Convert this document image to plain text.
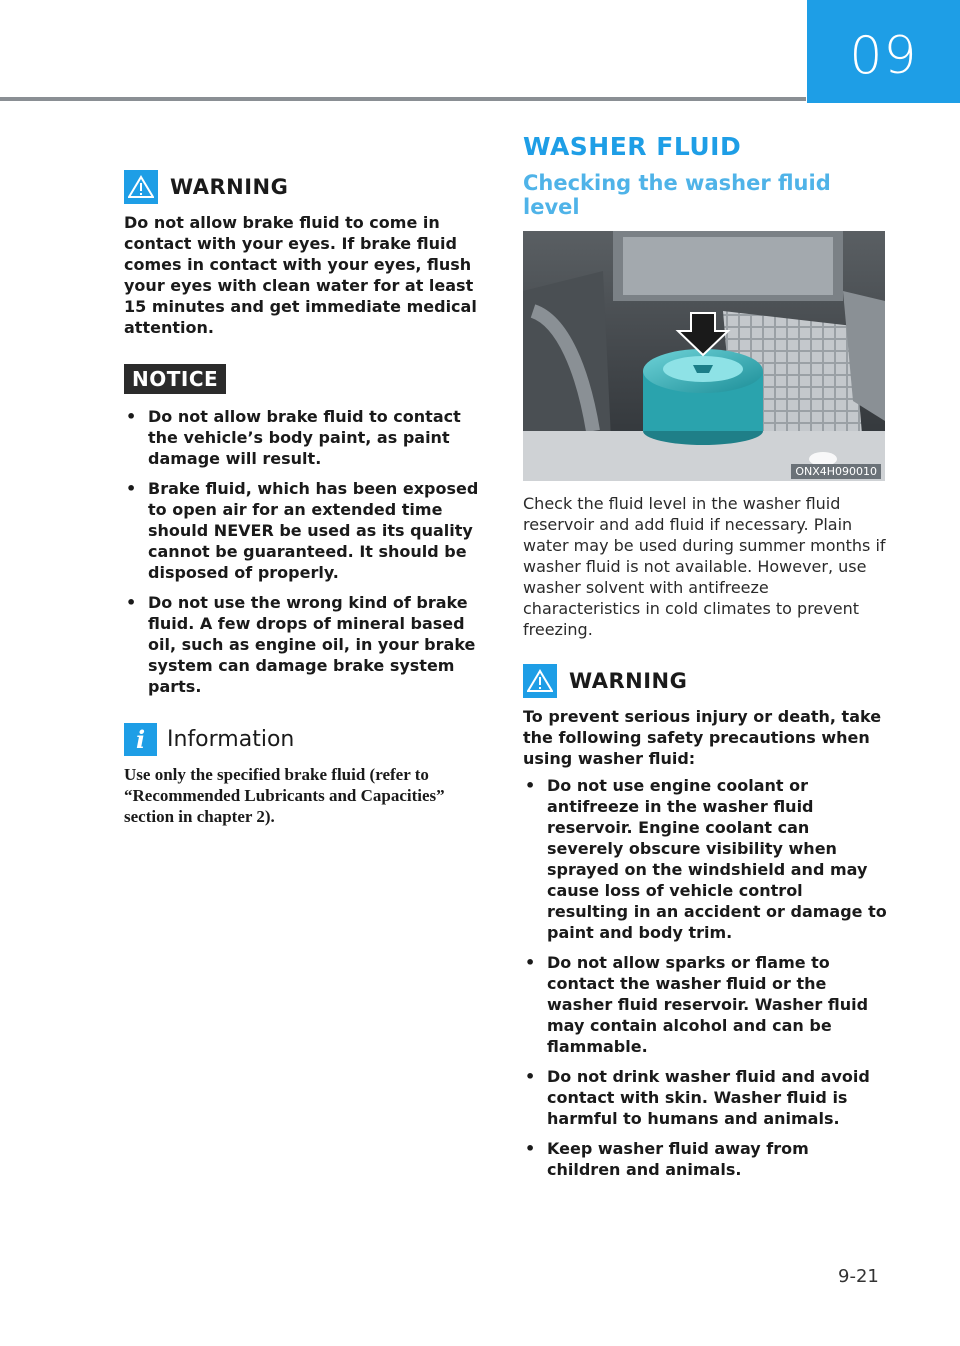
09
WARNING

Do not allow brake fluid to come in contact with your eyes. If brake fluid comes in contact with your eyes, flush your eyes with clean water for at least 15 minutes and get immediate medical attention.

NOTICE
• Do not allow brake fluid to contact the vehicle’s body paint, as paint damage will result.
• Brake fluid, which has been exposed to open air for an extended time should NEVER be used as its quality cannot be guaranteed. It should be disposed of properly.
• Do not use the wrong kind of brake fluid. A few drops of mineral based oil, such as engine oil, in your brake system can damage brake system parts.
i Information

Use only the specified brake fluid (refer to “Recommended Lubricants and Capacities” section in chapter 2).

WASHER FLUID
Checking the washer fluid level
ONX4H090010

Check the fluid level in the washer fluid reservoir and add fluid if necessary. Plain water may be used during summer months if washer fluid is not available. However, use washer solvent with antifreeze characteristics in cold climates to prevent freezing.

WARNING

To prevent serious injury or death, take the following safety precautions when using washer fluid:

• Do not use engine coolant or antifreeze in the washer fluid reservoir. Engine coolant can severely obscure visibility when sprayed on the windshield and may cause loss of vehicle control resulting in an accident or damage to paint and body trim.
• Do not allow sparks or flame to contact the washer fluid or the washer fluid reservoir. Washer fluid may contain alcohol and can be flammable.
• Do not drink washer fluid and avoid contact with skin. Washer fluid is harmful to humans and animals.
• Keep washer fluid away from children and animals.
9-21
